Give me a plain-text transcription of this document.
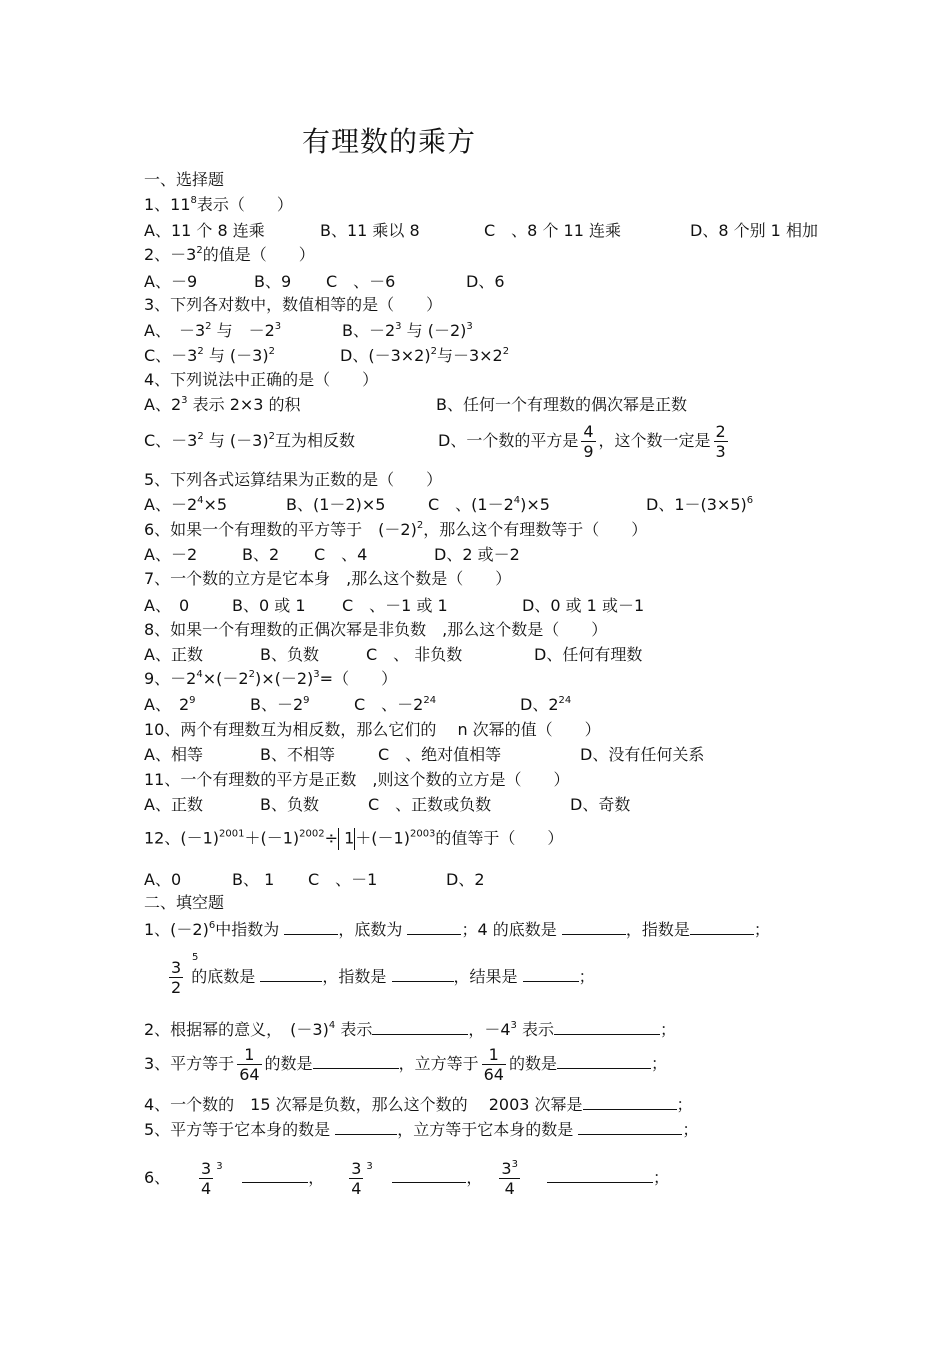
有理数的乘方
一、选择题
1、$11^8$表示（　　）
A、11 个 8 连乘	B、11 乘以 8	C　、8 个 11 连乘	D、8 个别 1 相加
2、$-3^2$的值是（　　）
A、－9	B、9 C　、－6	D、6
3、下列各对数中，数值相等的是（　　）
A、　$-3^2$ 与　$-2^3$	B、$-2^3$ 与 $(-2)^3$
C、$-3^2$ 与 $(-3)^2$	D、$(-3\times 2)^2$与$-3\times 2^2$
4、下列说法中正确的是（　　）
A、$2^3$ 表示 2×3 的积	B、任何一个有理数的偶次幂是正数
C、$-3^2$ 与 $(-3)^2$互为相反数	D、一个数的平方是 $\frac{4}{9}$ ，这个数一定是 $\frac{2}{3}$
5、下列各式运算结果为正数的是（　　）
A、$-2^4\times 5$	B、(1－2)×5	C　、$(1-2^4)\times 5$	D、$1-(3\times 5)^6$
6、如果一个有理数的平方等于　$(-2)^2$，那么这个有理数等于（　　）
A、－2	B、2 C　、4	D、2 或－2
7、一个数的立方是它本身　,那么这个数是（　　）
A、　0	B、0 或 1 C　、－1 或 1	D、0 或 1 或－1
8、如果一个有理数的正偶次幂是非负数　,那么这个数是（　　）
A、正数	B、负数	C　、 非负数	D、任何有理数
9、$-2^4\times(-2^2)\times(-2)^3=$（　　）
A、　$2^9$	B、$-2^9$	C　、$-2^{24}$	D、$2^{24}$
10、两个有理数互为相反数，那么它们的　 n 次幂的值（　　）
A、相等	B、不相等	C　、绝对值相等	D、没有任何关系
11、一个有理数的平方是正数　,则这个数的立方是（　　）
A、正数	B、负数	C　、正数或负数	D、奇数
12、$(-1)^{2001}+(-1)^{2002}\div 1+(-1)^{2003}$的值等于（　　）
A、0	B、 1 C　、－1	D、2
二、填空题
1、$(-2)^6$中指数为	，底数为	；4 的底数是	，指数是	；
$\frac{3}{2}$
5
的底数是	，指数是	，结果是	；
2、根据幂的意义，　$(-3)^4$ 表示	，$-4^3$ 表示	；
3、平方等于 $\frac{1}{64}$ 的数是	，立方等于 $\frac{1}{64}$ 的数是	；
4、一个数的　15 次幂是负数，那么这个数的　 2003 次幂是	；
5、平方等于它本身的数是	，立方等于它本身的数是	；
6、 $\frac{3}{4} 3$， $\frac{3}{4} 3$， $\frac{3^3}{4}$	；
